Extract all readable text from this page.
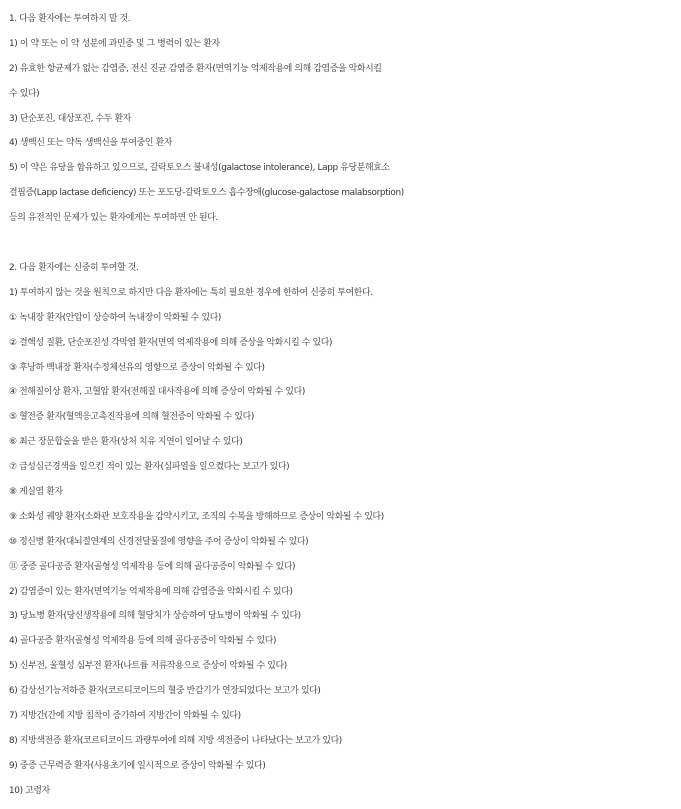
1. 다음 환자에는 투여하지 말 것.
1) 이 약 또는 이 약 성분에 과민증 및 그 병력이 있는 환자
2) 유효한 항균제가 없는 감염증, 전신 진균 감염증 환자(면역기능 억제작용에 의해 감염증을 악화시킬
수 있다)
3) 단순포진, 대상포진, 수두 환자
4) 생백신 또는 약독 생백신을 투여중인 환자
5) 이 약은 유당을 함유하고 있으므로, 갈락토오스 불내성(galactose intolerance), Lapp 유당분해효소
결핍증(Lapp lactase deficiency) 또는 포도당-갈락토오스 흡수장애(glucose-galactose malabsorption)
등의 유전적인 문제가 있는 환자에게는 투여하면 안 된다.
2. 다음 환자에는 신중히 투여할 것.
1) 투여하지 않는 것을 원칙으로 하지만 다음 환자에는 특히 필요한 경우에 한하여 신중히 투여한다.
① 녹내장 환자(안압이 상승하여 녹내장이 악화될 수 있다)
② 결핵성 질환, 단순포진성 각막염 환자(면역 억제작용에 의해 증상을 악화시킬 수 있다)
③ 후낭하 백내장 환자(수정체선유의 영향으로 증상이 악화될 수 있다)
④ 전해질이상 환자, 고혈압 환자(전해질 대사작용에 의해 증상이 악화될 수 있다)
⑤ 혈전증 환자(혈액응고촉진작용에 의해 혈전증이 악화될 수 있다)
⑥ 최근 장문합술을 받은 환자(상처 치유 지연이 일어날 수 있다)
⑦ 급성심근경색을 일으킨 적이 있는 환자(심파열을 일으켰다는 보고가 있다)
⑧ 게실염 환자
⑨ 소화성 궤양 환자(소화관 보호작용을 감약시키고, 조직의 수복을 방해하므로 증상이 악화될 수 있다)
⑩ 정신병 환자(대뇌절연계의 신경전달물질에 영향을 주어 증상이 악화될 수 있다)
⑪ 중증 골다공증 환자(골형성 억제작용 등에 의해 골다공증이 악화될 수 있다)
2) 감염증이 있는 환자(면역기능 억제작용에 의해 감염증을 악화시킬 수 있다)
3) 당뇨병 환자(당신생작용에 의해 혈당치가 상승하여 당뇨병이 악화될 수 있다)
4) 골다공증 환자(골형성 억제작용 등에 의해 골다공증이 악화될 수 있다)
5) 신부전, 울혈성 심부전 환자(나트륨 저류작용으로 증상이 악화될 수 있다)
6) 갑상선기능저하증 환자(코르티코이드의 혈중 반감기가 연장되었다는 보고가 있다)
7) 지방간(간에 지방 침착이 증가하여 지방간이 악화될 수 있다)
8) 지방색전증 환자(코르티코이드 과량투여에 의해 지방 색전증이 나타났다는 보고가 있다)
9) 중증 근무력증 환자(사용초기에 일시적으로 증상이 악화될 수 있다)
10) 고령자
